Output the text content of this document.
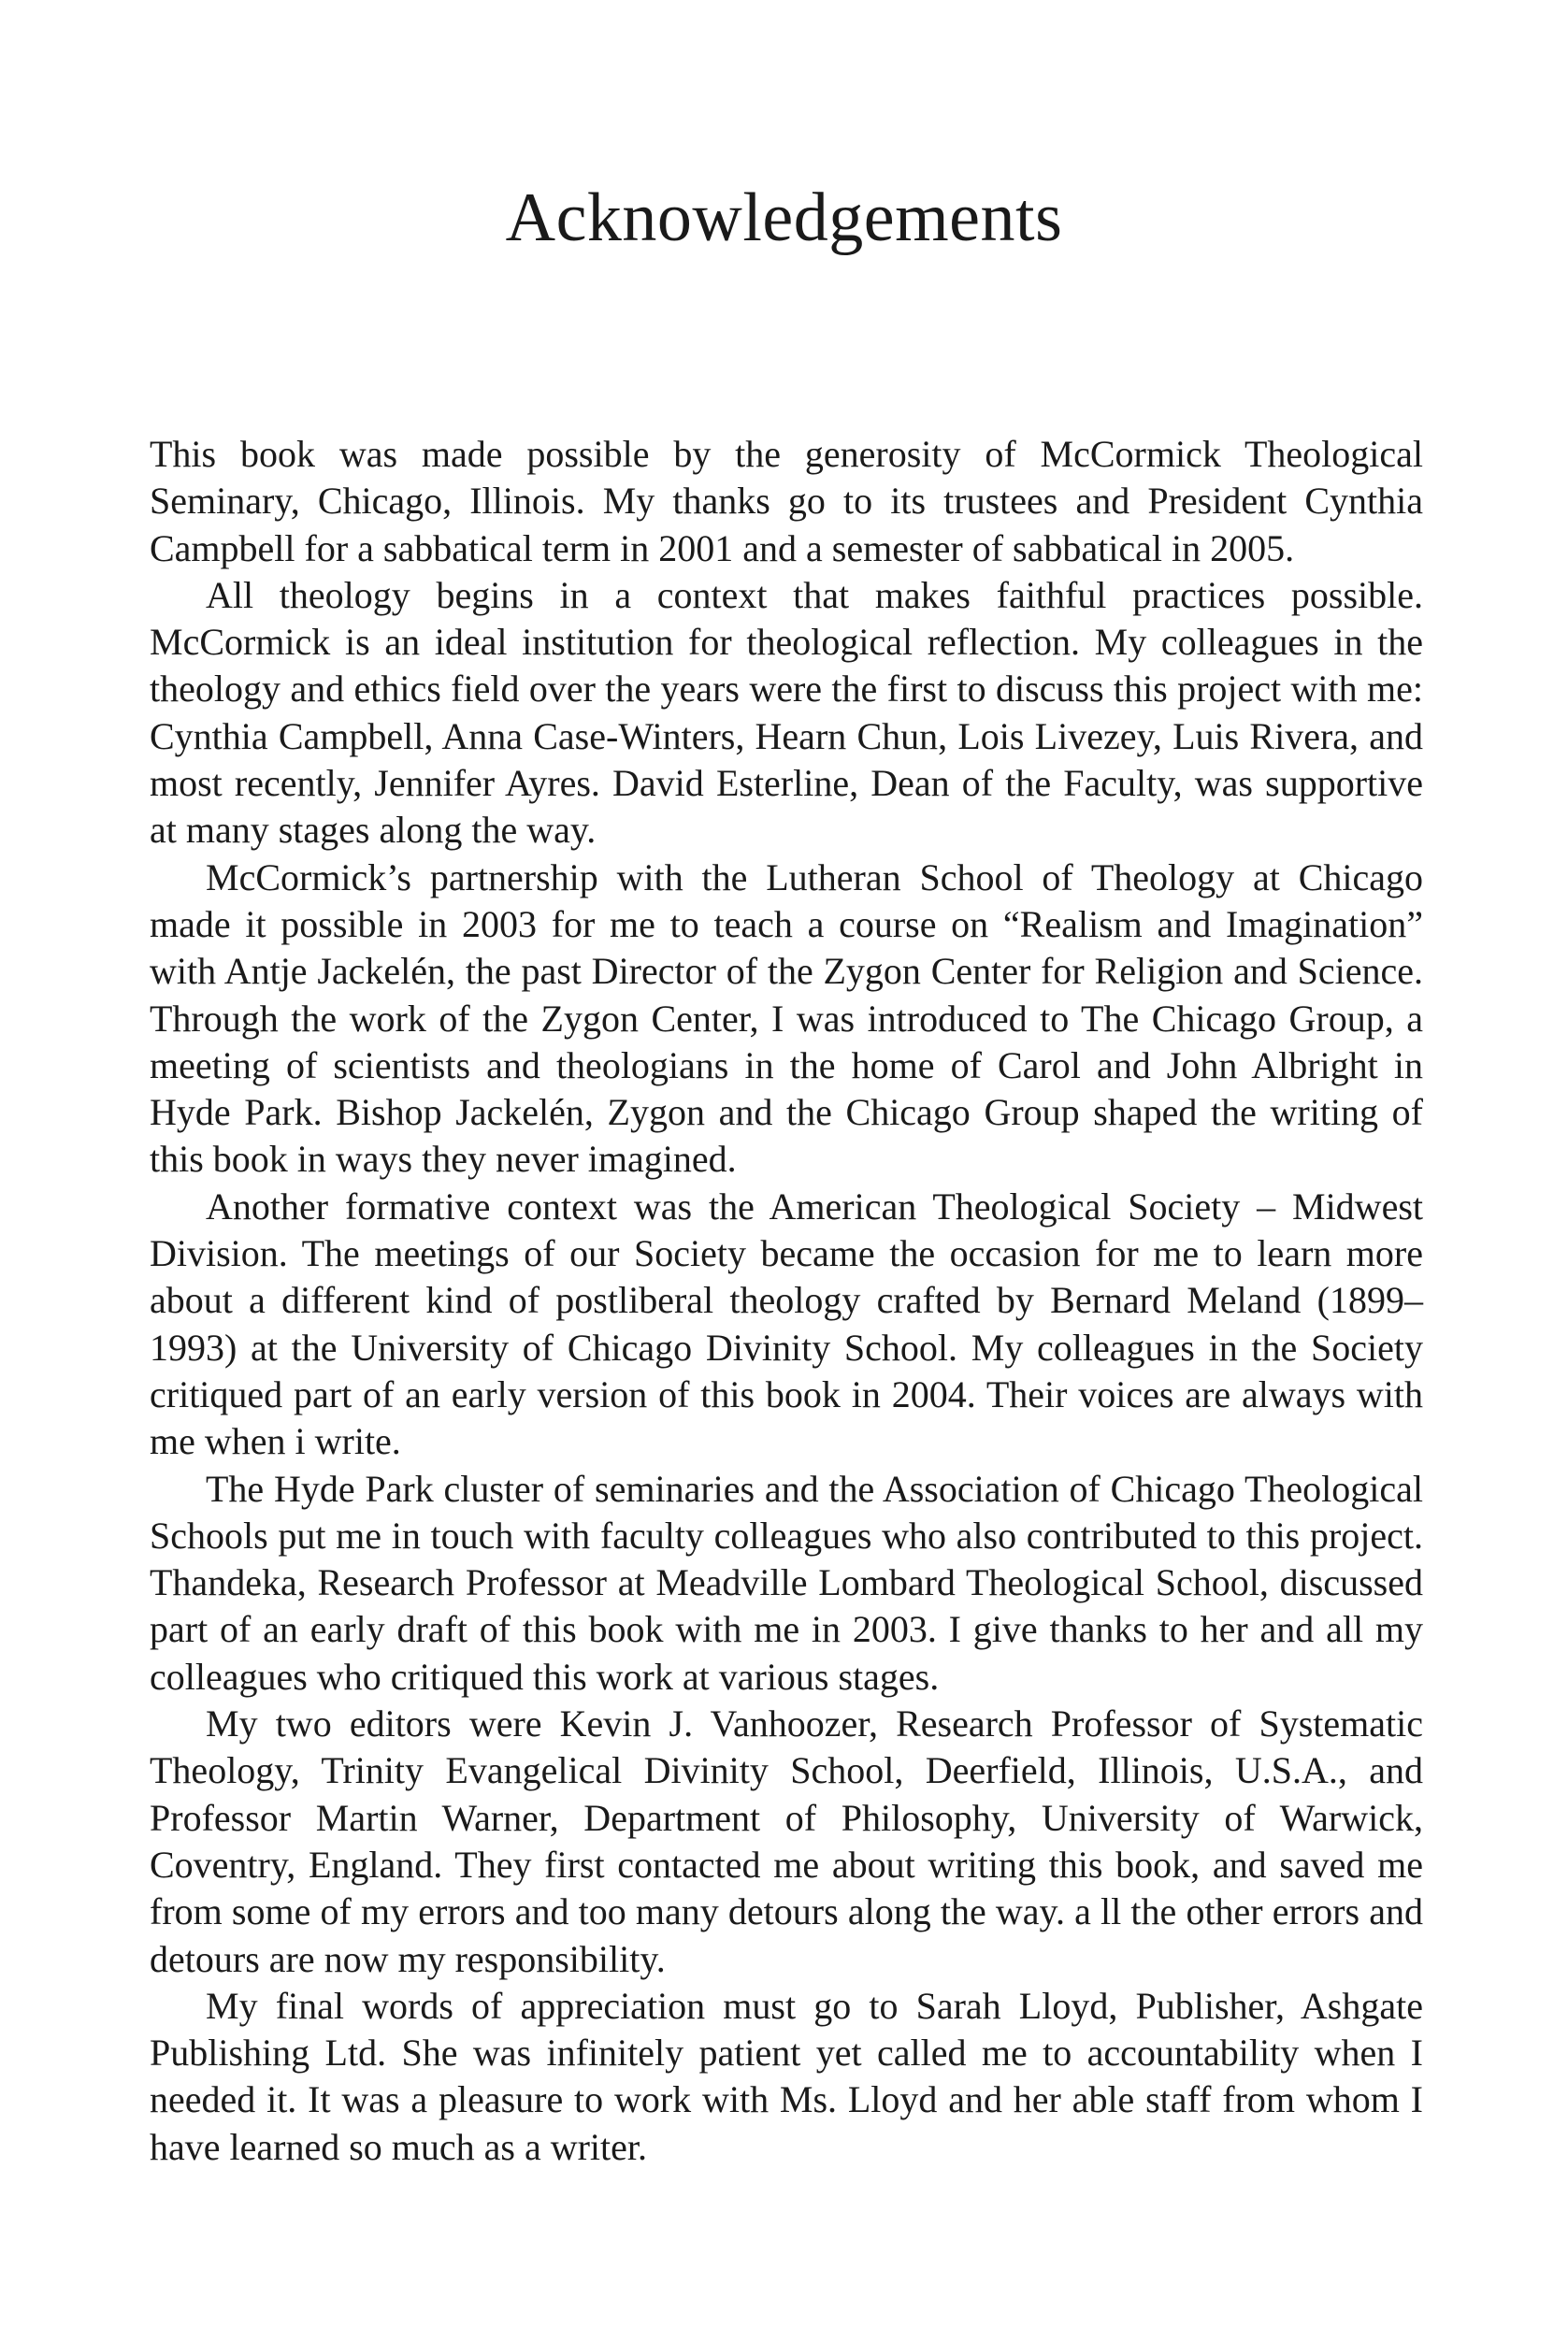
Acknowledgements

This book was made possible by the generosity of McCormick Theological Seminary, Chicago, Illinois. My thanks go to its trustees and President Cynthia Campbell for a sabbatical term in 2001 and a semester of sabbatical in 2005.

All theology begins in a context that makes faithful practices possible. McCormick is an ideal institution for theological reflection. My colleagues in the theology and ethics field over the years were the first to discuss this project with me: Cynthia Campbell, Anna Case-Winters, Hearn Chun, Lois Livezey, Luis Rivera, and most recently, Jennifer Ayres. David Esterline, Dean of the Faculty, was supportive at many stages along the way.

McCormick’s partnership with the Lutheran School of Theology at Chicago made it possible in 2003 for me to teach a course on “Realism and Imagination” with Antje Jackelén, the past Director of the Zygon Center for Religion and Science. Through the work of the Zygon Center, I was introduced to The Chicago Group, a meeting of scientists and theologians in the home of Carol and John Albright in Hyde Park. Bishop Jackelén, Zygon and the Chicago Group shaped the writing of this book in ways they never imagined.

Another formative context was the American Theological Society – Midwest Division. The meetings of our Society became the occasion for me to learn more about a different kind of postliberal theology crafted by Bernard Meland (1899–1993) at the University of Chicago Divinity School. My colleagues in the Society critiqued part of an early version of this book in 2004. Their voices are always with me when i write.

The Hyde Park cluster of seminaries and the Association of Chicago Theological Schools put me in touch with faculty colleagues who also contributed to this project. Thandeka, Research Professor at Meadville Lombard Theological School, discussed part of an early draft of this book with me in 2003. I give thanks to her and all my colleagues who critiqued this work at various stages.

My two editors were Kevin J. Vanhoozer, Research Professor of Systematic Theology, Trinity Evangelical Divinity School, Deerfield, Illinois, U.S.A., and Professor Martin Warner, Department of Philosophy, University of Warwick, Coventry, England. They first contacted me about writing this book, and saved me from some of my errors and too many detours along the way. a ll the other errors and detours are now my responsibility.

My final words of appreciation must go to Sarah Lloyd, Publisher, Ashgate Publishing Ltd. She was infinitely patient yet called me to accountability when I needed it. It was a pleasure to work with Ms. Lloyd and her able staff from whom I have learned so much as a writer.
